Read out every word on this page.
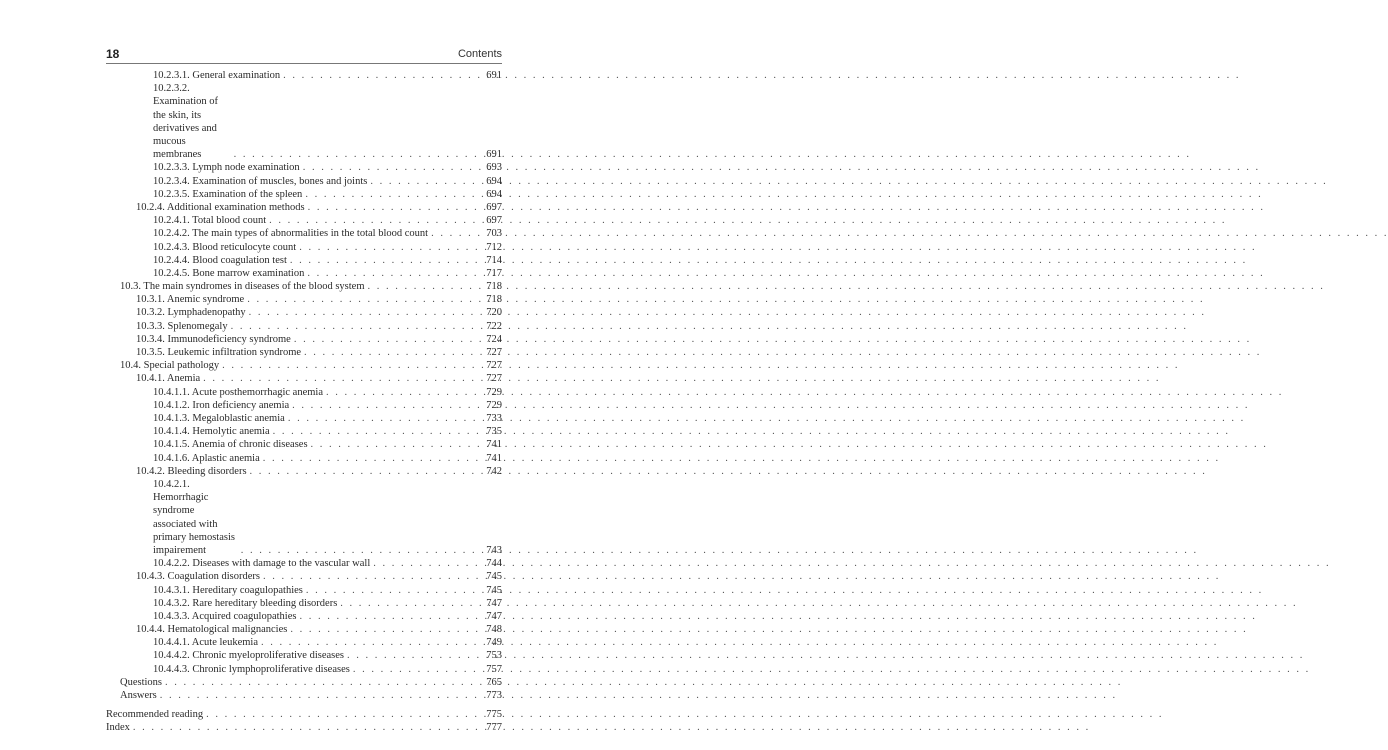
18	Contents
10.2.3.1. General examination . . .	691
10.2.3.2. Examination of the skin, its derivatives and mucous membranes . . .	691
10.2.3.3. Lymph node examination . . .	693
10.2.3.4. Examination of muscles, bones and joints . . .	694
10.2.3.5. Examination of the spleen . . .	694
10.2.4. Additional examination methods . . .	697
10.2.4.1. Total blood count . . .	697
10.2.4.2. The main types of abnormalities in the total blood count . . .	703
10.2.4.3. Blood reticulocyte count . . .	712
10.2.4.4. Blood coagulation test . . .	714
10.2.4.5. Bone marrow examination . . .	717
10.3. The main syndromes in diseases of the blood system . . .	718
10.3.1. Anemic syndrome . . .	718
10.3.2. Lymphadenopathy . . .	720
10.3.3. Splenomegaly . . .	722
10.3.4. Immunodeficiency syndrome . . .	724
10.3.5. Leukemic infiltration syndrome . . .	727
10.4. Special pathology . . .	727
10.4.1. Anemia . . .	727
10.4.1.1. Acute posthemorrhagic anemia . . .	729
10.4.1.2. Iron deficiency anemia . . .	729
10.4.1.3. Megaloblastic anemia . . .	733
10.4.1.4. Hemolytic anemia . . .	735
10.4.1.5. Anemia of chronic diseases . . .	741
10.4.1.6. Aplastic anemia . . .	741
10.4.2. Bleeding disorders . . .	742
10.4.2.1. Hemorrhagic syndrome associated with primary hemostasis impairement . . .	743
10.4.2.2. Diseases with damage to the vascular wall . . .	744
10.4.3. Coagulation disorders . . .	745
10.4.3.1. Hereditary coagulopathies . . .	745
10.4.3.2. Rare hereditary bleeding disorders . . .	747
10.4.3.3. Acquired coagulopathies . . .	747
10.4.4. Hematological malignancies . . .	748
10.4.4.1. Acute leukemia . . .	749
10.4.4.2. Chronic myeloproliferative diseases . . .	753
10.4.4.3. Chronic lymphoproliferative diseases . . .	757
Questions . . .	765
Answers . . .	773
Recommended reading . . .	775
Index . . .	777
